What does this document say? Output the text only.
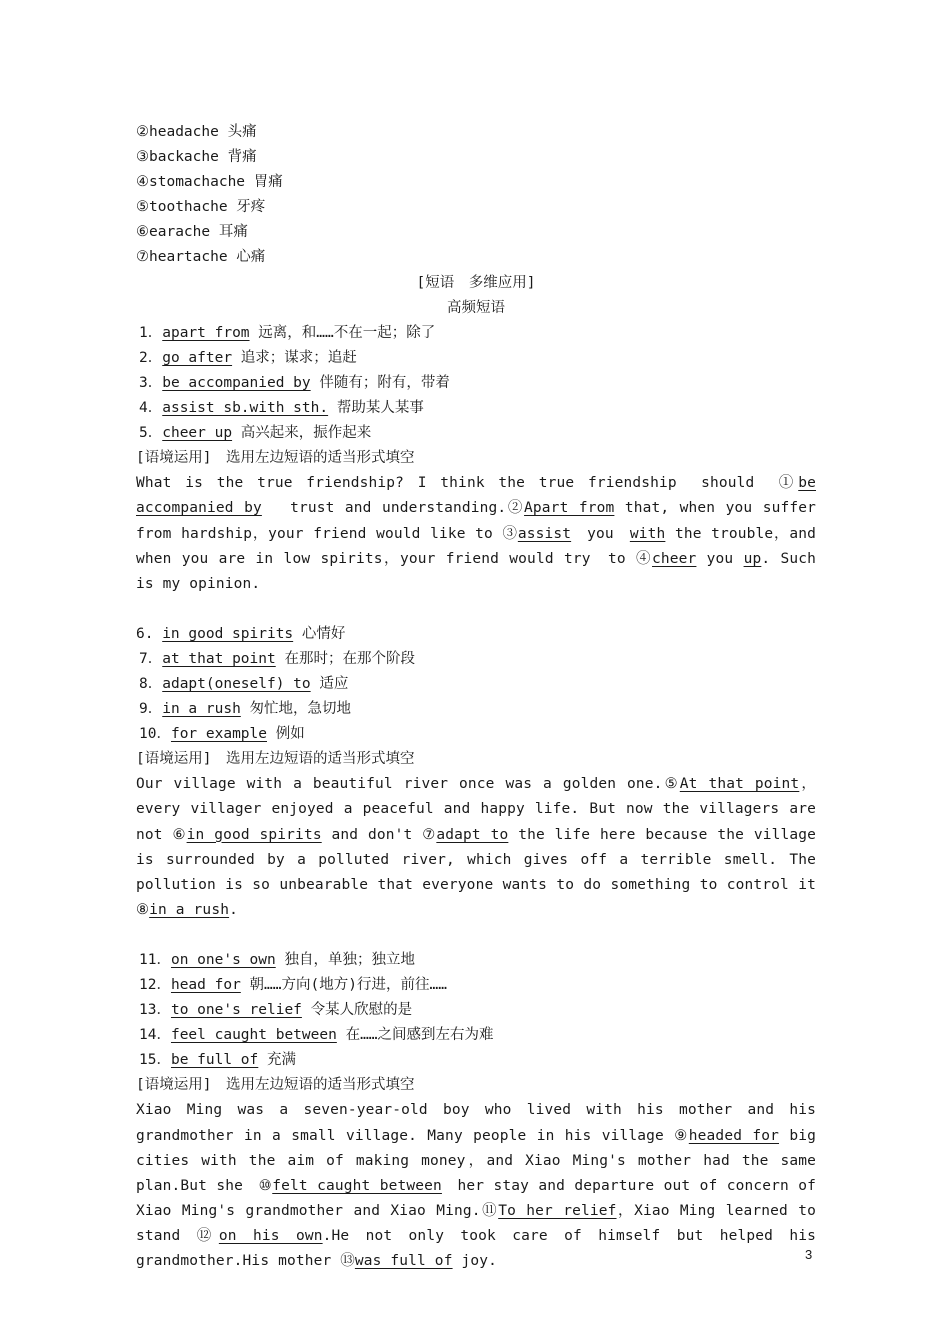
②headache 头痛
③backache 背痛
④stomachache 胃痛
⑤toothache 牙疼
⑥earache 耳痛
⑦heartache 心痛
[短语　多维应用]
高频短语
1．apart from 远离，和……不在一起；除了
2．go after 追求；谋求；追赶
3．be accompanied by 伴随有；附有，带着
4．assist sb.with sth. 帮助某人某事
5．cheer up 高兴起来，振作起来
[语境运用]　选用左边短语的适当形式填空
What is the true friendship? I think the true friendship　should　①be accompanied by　 trust and understanding.②Apart from that, when you suffer from hardship，your friend would like to ③assist　you　with the trouble，and when you are in low spirits，your friend would try　to ④cheer you up. Such is my opinion.
6. in good spirits 心情好
7．at that point 在那时；在那个阶段
8．adapt(oneself) to 适应
9．in a rush 匆忙地，急切地
10．for example 例如
[语境运用]　选用左边短语的适当形式填空
Our village with a beautiful river once was a golden one.⑤At that point，every villager enjoyed a peaceful and happy life. But now the villagers are not ⑥in good spirits and don't ⑦adapt to the life here because the village is surrounded by a polluted river, which gives off a terrible smell. The pollution is so unbearable that everyone wants to do something to control it ⑧in a rush.
11．on one's own 独自，单独；独立地
12．head for 朝……方向(地方)行进，前往……
13．to one's relief 令某人欣慰的是
14．feel caught between 在……之间感到左右为难
15．be full of 充满
[语境运用]　选用左边短语的适当形式填空
Xiao Ming was a seven-year-old boy who lived with his mother and his grandmother in a small village. Many people in his village ⑨headed for big cities with the aim of making money，and Xiao Ming's mother had the same plan.But she　⑩felt caught between　her stay and departure out of concern of Xiao Ming's grandmother and Xiao Ming.⑪To her relief，Xiao Ming learned to stand ⑫on his own.He not only took care of himself but helped his grandmother.His mother ⑬was full of joy.	3
